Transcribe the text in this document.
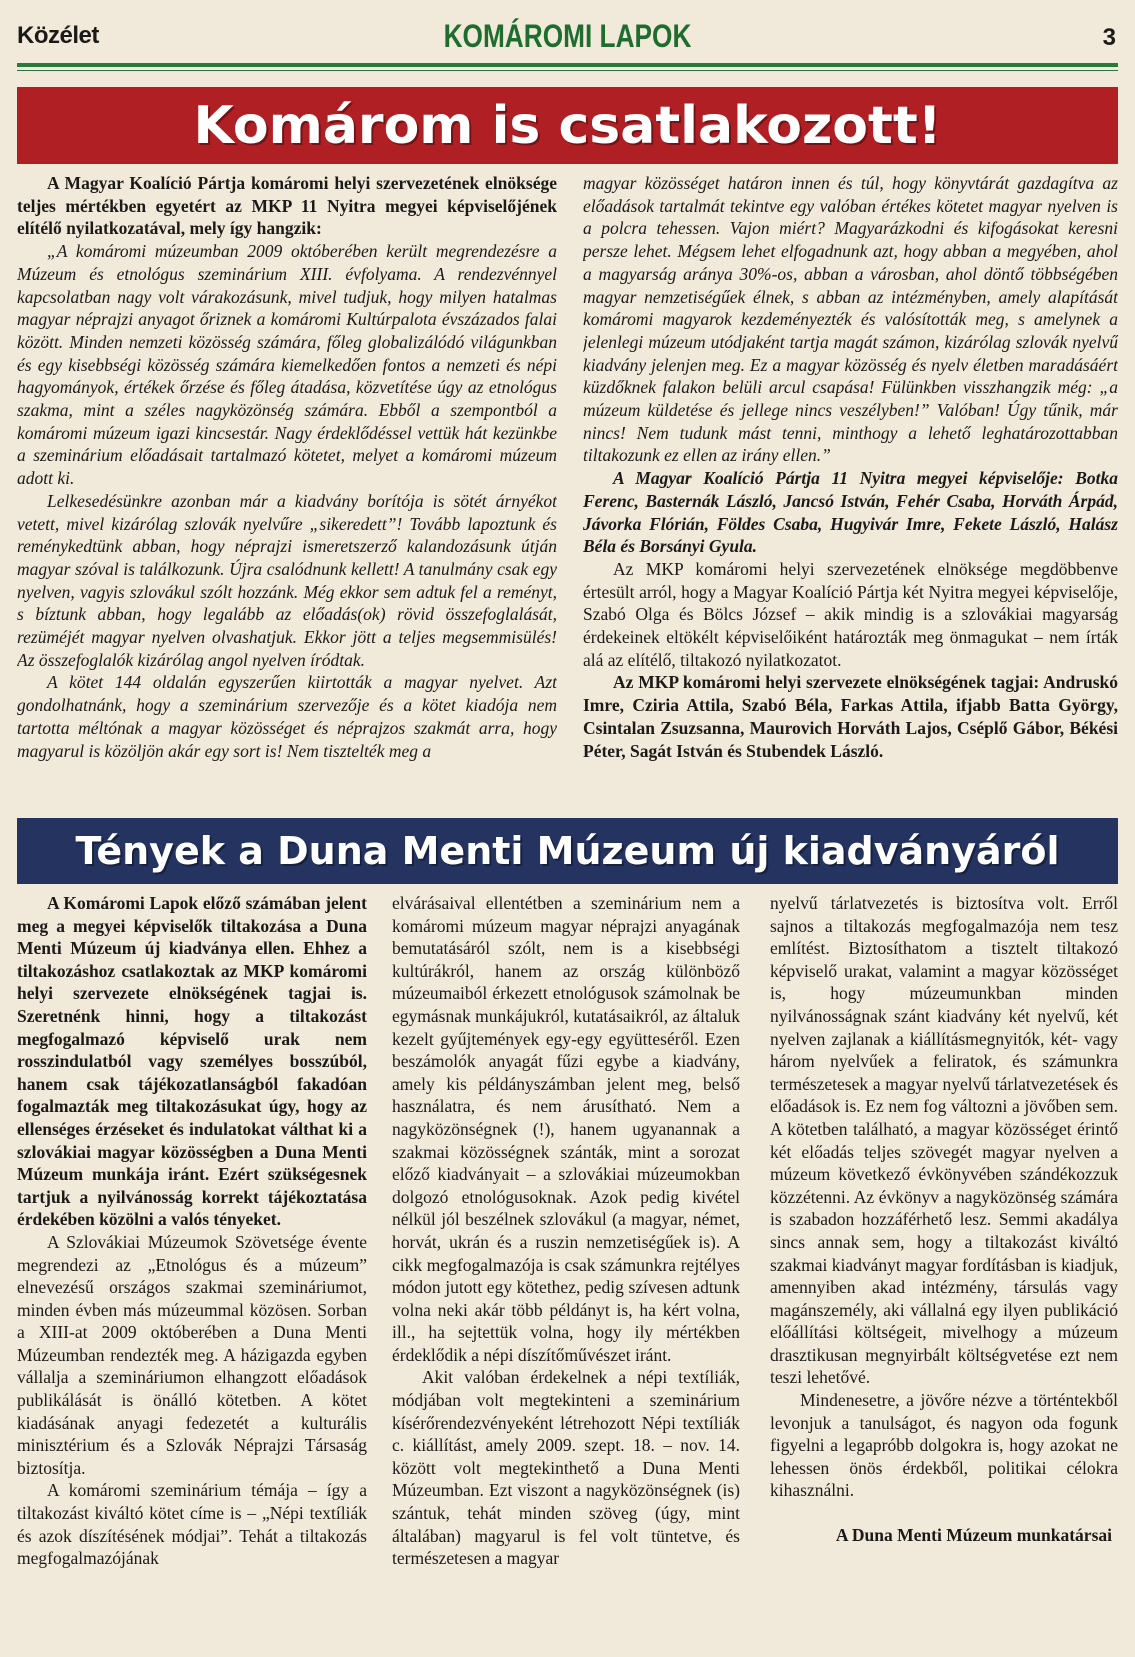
Közélet	KOMÁROMI LAPOK	3
Komárom is csatlakozott!

A Magyar Koalíció Pártja komáromi helyi szervezetének elnöksége teljes mértékben egyetért az MKP 11 Nyitra megyei képviselőjének elítélő nyilatkozatával, mely így hangzik:

„A komáromi múzeumban 2009 októberében került megrendezésre a Múzeum és etnológus szeminárium XIII. évfolyama. A rendezvénnyel kapcsolatban nagy volt várakozásunk, mivel tudjuk, hogy milyen hatalmas magyar néprajzi anyagot őriznek a komáromi Kultúrpalota évszázados falai között. Minden nemzeti közösség számára, főleg globalizálódó világunkban és egy kisebbségi közösség számára kiemelkedően fontos a nemzeti és népi hagyományok, értékek őrzése és főleg átadása, közvetítése úgy az etnológus szakma, mint a széles nagyközönség számára. Ebből a szempontból a komáromi múzeum igazi kincsestár. Nagy érdeklődéssel vettük hát kezünkbe a szeminárium előadásait tartalmazó kötetet, melyet a komáromi múzeum adott ki.

Lelkesedésünkre azonban már a kiadvány borítója is sötét árnyékot vetett, mivel kizárólag szlovák nyelvűre „sikeredett”! Tovább lapoztunk és reménykedtünk abban, hogy néprajzi ismeretszerző kalandozásunk útján magyar szóval is találkozunk. Újra csalódnunk kellett! A tanulmány csak egy nyelven, vagyis szlovákul szólt hozzánk. Még ekkor sem adtuk fel a reményt, s bíztunk abban, hogy legalább az előadás(ok) rövid összefoglalását, rezüméjét magyar nyelven olvashatjuk. Ekkor jött a teljes megsemmisülés! Az összefoglalók kizárólag angol nyelven íródtak.

A kötet 144 oldalán egyszerűen kiirtották a magyar nyelvet. Azt gondolhatnánk, hogy a szeminárium szervezője és a kötet kiadója nem tartotta méltónak a magyar közösséget és néprajzos szakmát arra, hogy magyarul is közöljön akár egy sort is! Nem tisztelték meg a

magyar közösséget határon innen és túl, hogy könyvtárát gazdagítva az előadások tartalmát tekintve egy valóban értékes kötetet magyar nyelven is a polcra tehessen. Vajon miért? Magyarázkodni és kifogásokat keresni persze lehet. Mégsem lehet elfogadnunk azt, hogy abban a megyében, ahol a magyarság aránya 30%-os, abban a városban, ahol döntő többségében magyar nemzetiségűek élnek, s abban az intézményben, amely alapítását komáromi magyarok kezdeményezték és valósították meg, s amelynek a jelenlegi múzeum utódjaként tartja magát számon, kizárólag szlovák nyelvű kiadvány jelenjen meg. Ez a magyar közösség és nyelv életben maradásáért küzdőknek falakon belüli arcul csapása! Fülünkben visszhangzik még: „a múzeum küldetése és jellege nincs veszélyben!” Valóban! Úgy tűnik, már nincs! Nem tudunk mást tenni, minthogy a lehető leghatározottabban tiltakozunk ez ellen az irány ellen.”

A Magyar Koalíció Pártja 11 Nyitra megyei képviselője: Botka Ferenc, Basternák László, Jancsó István, Fehér Csaba, Horváth Árpád, Jávorka Flórián, Földes Csaba, Hugyivár Imre, Fekete László, Halász Béla és Borsányi Gyula.

Az MKP komáromi helyi szervezetének elnöksége megdöbbenve értesült arról, hogy a Magyar Koalíció Pártja két Nyitra megyei képviselője, Szabó Olga és Bölcs József – akik mindig is a szlovákiai magyarság érdekeinek eltökélt képviselőiként határozták meg önmagukat – nem írták alá az elítélő, tiltakozó nyilatkozatot.

Az MKP komáromi helyi szervezete elnökségének tagjai: Andruskó Imre, Cziria Attila, Szabó Béla, Farkas Attila, ifjabb Batta György, Csintalan Zsuzsanna, Maurovich Horváth Lajos, Cséplő Gábor, Békési Péter, Sagát István és Stubendek László.

Tények a Duna Menti Múzeum új kiadványáról

A Komáromi Lapok előző számában jelent meg a megyei képviselők tiltakozása a Duna Menti Múzeum új kiadványa ellen. Ehhez a tiltakozáshoz csatlakoztak az MKP komáromi helyi szervezete elnökségének tagjai is. Szeretnénk hinni, hogy a tiltakozást megfogalmazó képviselő urak nem rosszindulatból vagy személyes bosszúból, hanem csak tájékozatlanságból fakadóan fogalmazták meg tiltakozásukat úgy, hogy az ellenséges érzéseket és indulatokat válthat ki a szlovákiai magyar közösségben a Duna Menti Múzeum munkája iránt. Ezért szükségesnek tartjuk a nyilvánosság korrekt tájékoztatása érdekében közölni a valós tényeket.

A Szlovákiai Múzeumok Szövetsége évente megrendezi az „Etnológus és a múzeum” elnevezésű országos szakmai szemináriumot, minden évben más múzeummal közösen. Sorban a XIII-at 2009 októberében a Duna Menti Múzeumban rendezték meg. A házigazda egyben vállalja a szemináriumon elhangzott előadások publikálását is önálló kötetben. A kötet kiadásának anyagi fedezetét a kulturális minisztérium és a Szlovák Néprajzi Társaság biztosítja.

A komáromi szeminárium témája – így a tiltakozást kiváltó kötet címe is – „Népi textíliák és azok díszítésének módjai”. Tehát a tiltakozás megfogalmazójának

elvárásaival ellentétben a szeminárium nem a komáromi múzeum magyar néprajzi anyagának bemutatásáról szólt, nem is a kisebbségi kultúrákról, hanem az ország különböző múzeumaiból érkezett etnológusok számolnak be egymásnak munkájukról, kutatásaikról, az általuk kezelt gyűjtemények egy-egy együtteséről. Ezen beszámolók anyagát fűzi egybe a kiadvány, amely kis példányszámban jelent meg, belső használatra, és nem árusítható. Nem a nagyközönségnek (!), hanem ugyanannak a szakmai közösségnek szánták, mint a sorozat előző kiadványait – a szlovákiai múzeumokban dolgozó etnológusoknak. Azok pedig kivétel nélkül jól beszélnek szlovákul (a magyar, német, horvát, ukrán és a ruszin nemzetiségűek is). A cikk megfogalmazója is csak számunkra rejtélyes módon jutott egy kötethez, pedig szívesen adtunk volna neki akár több példányt is, ha kért volna, ill., ha sejtettük volna, hogy ily mértékben érdeklődik a népi díszítőművészet iránt.

Akit valóban érdekelnek a népi textíliák, módjában volt megtekinteni a szeminárium kísérőrendezvényeként létrehozott Népi textíliák c. kiállítást, amely 2009. szept. 18. – nov. 14. között volt megtekinthető a Duna Menti Múzeumban. Ezt viszont a nagyközönségnek (is) szántuk, tehát minden szöveg (úgy, mint általában) magyarul is fel volt tüntetve, és természetesen a magyar

nyelvű tárlatvezetés is biztosítva volt. Erről sajnos a tiltakozás megfogalmazója nem tesz említést. Biztosíthatom a tisztelt tiltakozó képviselő urakat, valamint a magyar közösséget is, hogy múzeumunkban minden nyilvánosságnak szánt kiadvány két nyelvű, két nyelven zajlanak a kiállításmegnyitók, két- vagy három nyelvűek a feliratok, és számunkra természetesek a magyar nyelvű tárlatvezetések és előadások is. Ez nem fog változni a jövőben sem. A kötetben található, a magyar közösséget érintő két előadás teljes szövegét magyar nyelven a múzeum következő évkönyvében szándékozzuk közzétenni. Az évkönyv a nagyközönség számára is szabadon hozzáférhető lesz. Semmi akadálya sincs annak sem, hogy a tiltakozást kiváltó szakmai kiadványt magyar fordításban is kiadjuk, amennyiben akad intézmény, társulás vagy magánszemély, aki vállalná egy ilyen publikáció előállítási költségeit, mivelhogy a múzeum drasztikusan megnyirbált költségvetése ezt nem teszi lehetővé.

Mindenesetre, a jövőre nézve a történtekből levonjuk a tanulságot, és nagyon oda fogunk figyelni a legapróbb dolgokra is, hogy azokat ne lehessen önös érdekből, politikai célokra kihasználni.

A Duna Menti Múzeum munkatársai
